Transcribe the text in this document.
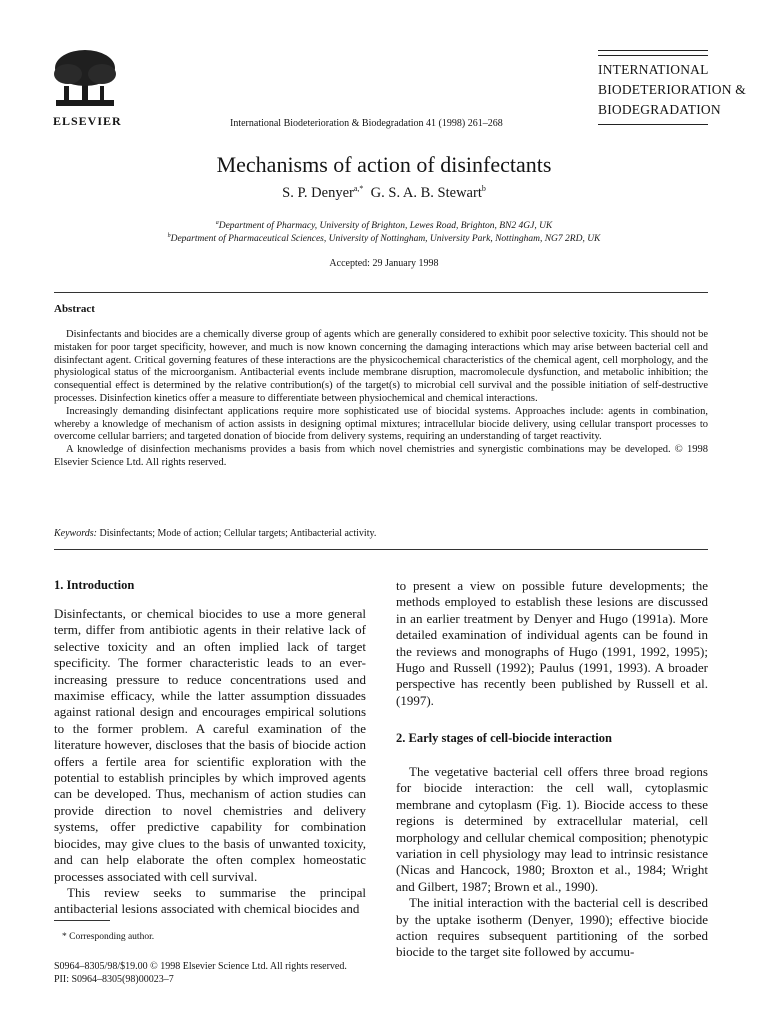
ELSEVIER	International Biodeterioration & Biodegradation 41 (1998) 261–268
INTERNATIONAL
BIODETERIORATION &
BIODEGRADATION
Mechanisms of action of disinfectants
S. P. Denyer$^{a,*}$ G. S. A. B. Stewart$^b$
$^a$Department of Pharmacy, University of Brighton, Lewes Road, Brighton, BN2 4GJ, UK
$^b$Department of Pharmaceutical Sciences, University of Nottingham, University Park, Nottingham, NG7 2RD, UK
Accepted: 29 January 1998
Abstract

Disinfectants and biocides are a chemically diverse group of agents which are generally considered to exhibit poor selective toxicity. This should not be mistaken for poor target specificity, however, and much is now known concerning the damaging interactions which may arise between bacterial cell and disinfectant agent. Critical governing features of these interactions are the physicochemical characteristics of the chemical agent, cell morphology, and the physiological status of the microorganism. Antibacterial events include membrane disruption, macromolecule dysfunction, and metabolic inhibition; the consequential effect is determined by the relative contribution(s) of the target(s) to microbial cell survival and the possible initiation of self-destructive processes. Disinfection kinetics offer a measure to differentiate between physiochemical and chemical interactions.

Increasingly demanding disinfectant applications require more sophisticated use of biocidal systems. Approaches include: agents in combination, whereby a knowledge of mechanism of action assists in designing optimal mixtures; intracellular biocide delivery, using cellular transport processes to overcome cellular barriers; and targeted donation of biocide from delivery systems, requiring an understanding of target reactivity.

A knowledge of disinfection mechanisms provides a basis from which novel chemistries and synergistic combinations may be developed. © 1998 Elsevier Science Ltd. All rights reserved.

Keywords: Disinfectants; Mode of action; Cellular targets; Antibacterial activity.
1. Introduction

Disinfectants, or chemical biocides to use a more general term, differ from antibiotic agents in their relative lack of selective toxicity and an often implied lack of target specificity. The former characteristic leads to an ever-increasing pressure to reduce concentrations used and maximise efficacy, while the latter assumption dissuades against rational design and encourages empirical solutions to the former problem. A careful examination of the literature however, discloses that the basis of biocide action offers a fertile area for scientific exploration with the potential to establish principles by which improved agents can be developed. Thus, mechanism of action studies can provide direction to novel chemistries and delivery systems, offer predictive capability for combination biocides, may give clues to the basis of unwanted toxicity, and can help elaborate the often complex homeostatic processes associated with cell survival.

This review seeks to summarise the principal antibacterial lesions associated with chemical biocides and

to present a view on possible future developments; the methods employed to establish these lesions are discussed in an earlier treatment by Denyer and Hugo (1991a). More detailed examination of individual agents can be found in the reviews and monographs of Hugo (1991, 1992, 1995); Hugo and Russell (1992); Paulus (1991, 1993). A broader perspective has recently been published by Russell et al. (1997).

2. Early stages of cell-biocide interaction

The vegetative bacterial cell offers three broad regions for biocide interaction: the cell wall, cytoplasmic membrane and cytoplasm (Fig. 1). Biocide access to these regions is determined by extracellular material, cell morphology and cellular chemical composition; phenotypic variation in cell physiology may lead to intrinsic resistance (Nicas and Hancock, 1980; Broxton et al., 1984; Wright and Gilbert, 1987; Brown et al., 1990).

The initial interaction with the bacterial cell is described by the uptake isotherm (Denyer, 1990); effective biocide action requires subsequent partitioning of the sorbed biocide to the target site followed by accumu-

* Corresponding author.
S0964–8305/98/$19.00 © 1998 Elsevier Science Ltd. All rights reserved.
PII: S0964–8305(98)00023–7
